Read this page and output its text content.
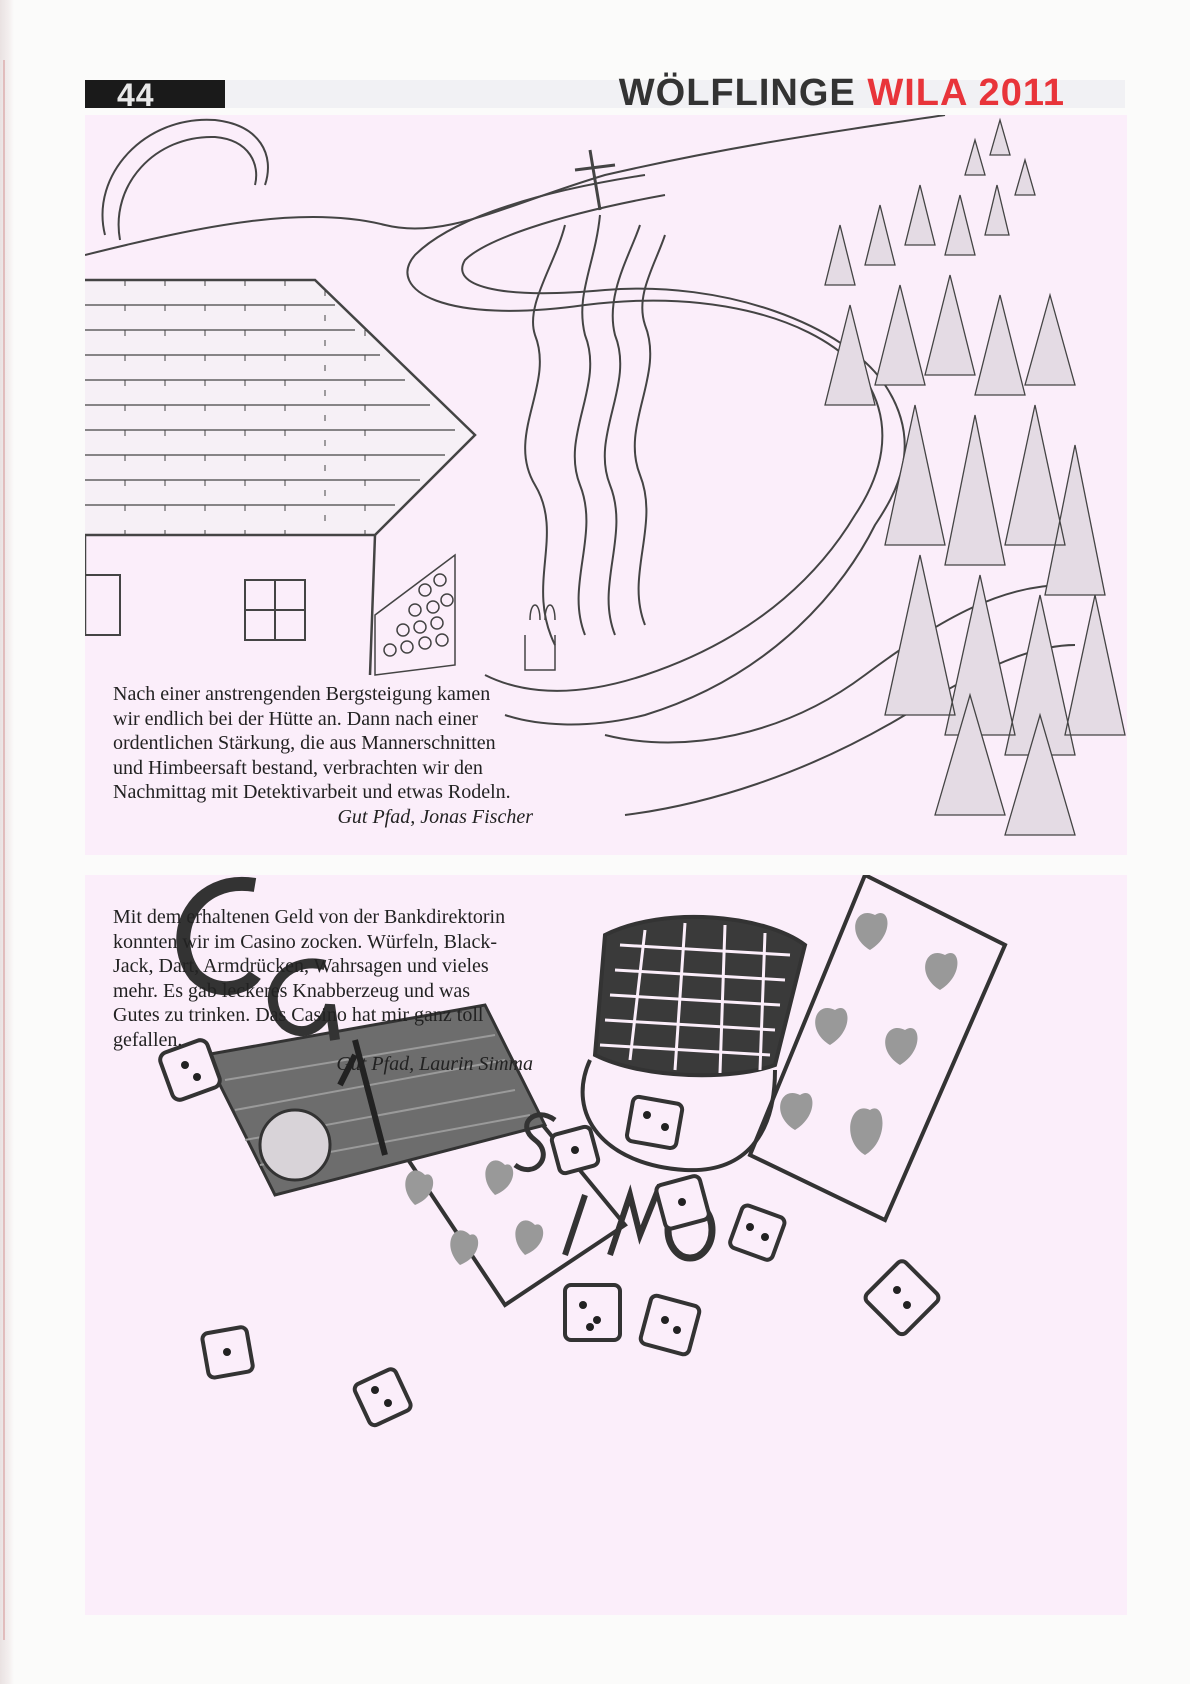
44	WÖLFLINGE WILA 2011
Nach einer anstrengenden Bergsteigung kamen
wir endlich bei der Hütte an. Dann nach einer
ordentlichen Stärkung, die aus Mannerschnitten
und Himbeersaft bestand, verbrachten wir den
Nachmittag mit Detektivarbeit und etwas Rodeln.
Gut Pfad, Jonas Fischer
Mit dem erhaltenen Geld von der Bankdirektorin
konnten wir im Casino zocken. Würfeln, Black-
Jack, Dart, Armdrücken, Wahrsagen und vieles
mehr. Es gab leckeres Knabberzeug und was
Gutes zu trinken. Das Casino hat mir ganz toll
gefallen.
Gut Pfad, Laurin Simma
